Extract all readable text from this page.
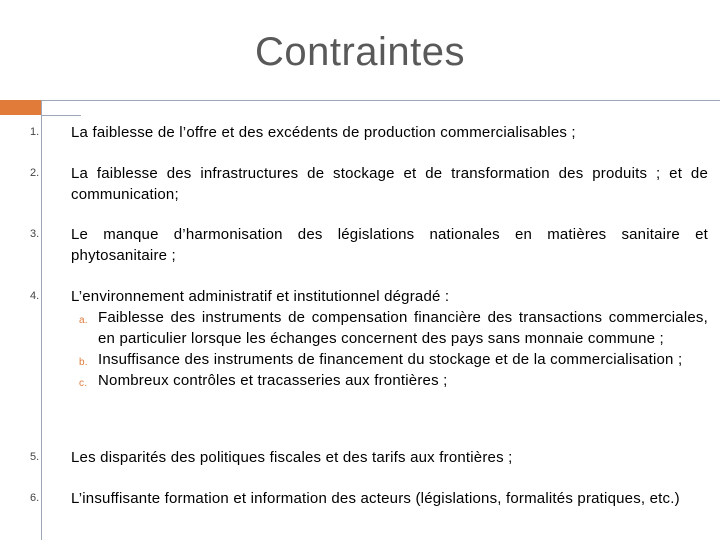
Contraintes
1. La faiblesse de l’offre et des excédents de production commercialisables ;
2. La faiblesse des infrastructures de stockage et de transformation des produits ; et de communication;
3. Le manque d’harmonisation des législations nationales en matières sanitaire et phytosanitaire ;
4. L’environnement administratif et institutionnel dégradé :
a. Faiblesse des instruments de compensation financière des transactions commerciales, en particulier lorsque les échanges concernent des pays sans monnaie commune ;
b. Insuffisance des instruments de financement du stockage et de la commercialisation ;
c. Nombreux contrôles et tracasseries aux frontières ;
5. Les disparités des politiques fiscales et des tarifs aux frontières ;
6. L’insuffisante formation et information des acteurs (législations, formalités pratiques, etc.)
